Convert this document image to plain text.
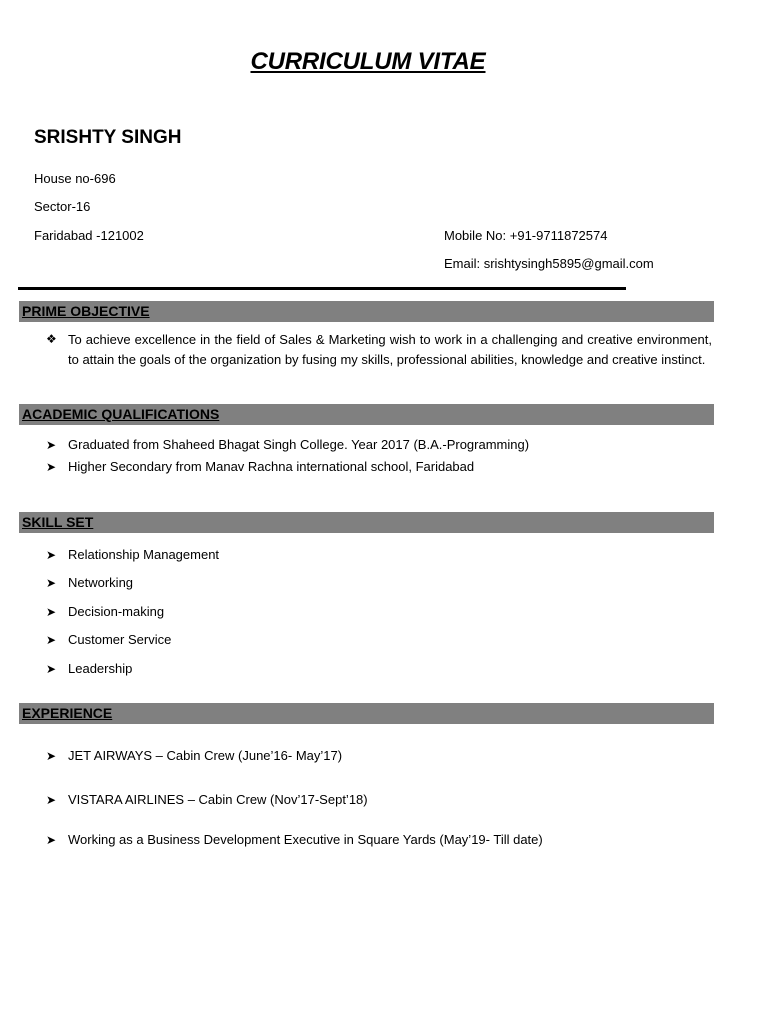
CURRICULUM VITAE
SRISHTY SINGH
House no-696
Sector-16
Faridabad -121002	Mobile No: +91-9711872574
Email: srishtysingh5895@gmail.com
PRIME OBJECTIVE
❖ To achieve excellence in the field of Sales & Marketing wish to work in a challenging and creative environment, to attain the goals of the organization by fusing my skills, professional abilities, knowledge and creative instinct.

ACADEMIC QUALIFICATIONS
➤ Graduated from Shaheed Bhagat Singh College. Year 2017 (B.A.-Programming)
➤ Higher Secondary from Manav Rachna international school, Faridabad
SKILL SET
➤ Relationship Management
➤ Networking
➤ Decision-making
➤ Customer Service
➤ Leadership
EXPERIENCE
➤ JET AIRWAYS – Cabin Crew (June’16- May’17)
➤ VISTARA AIRLINES – Cabin Crew (Nov’17-Sept’18)
➤ Working as a Business Development Executive in Square Yards (May’19- Till date)
